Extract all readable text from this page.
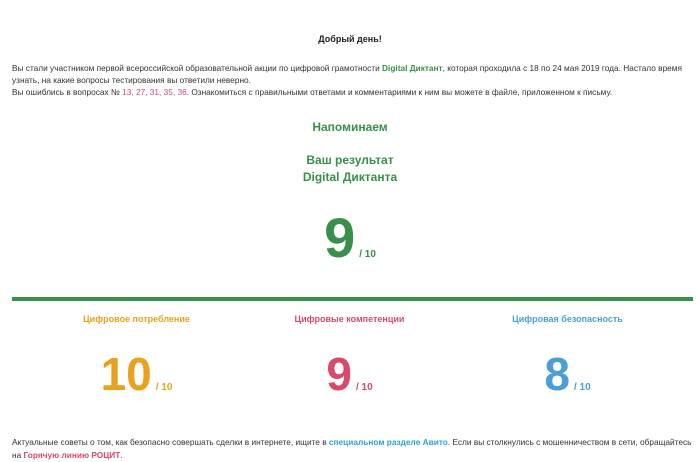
Добрый день!

Вы стали участником первой всероссийской образовательной акции по цифровой грамотности Digital Диктант, которая проходила с 18 по 24 мая 2019 года. Настало время узнать, на какие вопросы тестирования вы ответили неверно.

Вы ошиблись в вопросах № 13, 27, 31, 35, 36. Ознакомиться с правильными ответами и комментариями к ним вы можете в файле, приложенном к письму.

Напоминаем
Ваш результат
Digital Диктанта
9 / 10
Цифровое потребление
10 / 10
Цифровые компетенции
9 / 10
Цифровая безопасность
8 / 10
Актуальные советы о том, как безопасно совершать сделки в интернете, ищите в специальном разделе Авито. Если вы столкнулись с мошенничеством в сети, обращайтесь на Горячую линию РОЦИТ.
